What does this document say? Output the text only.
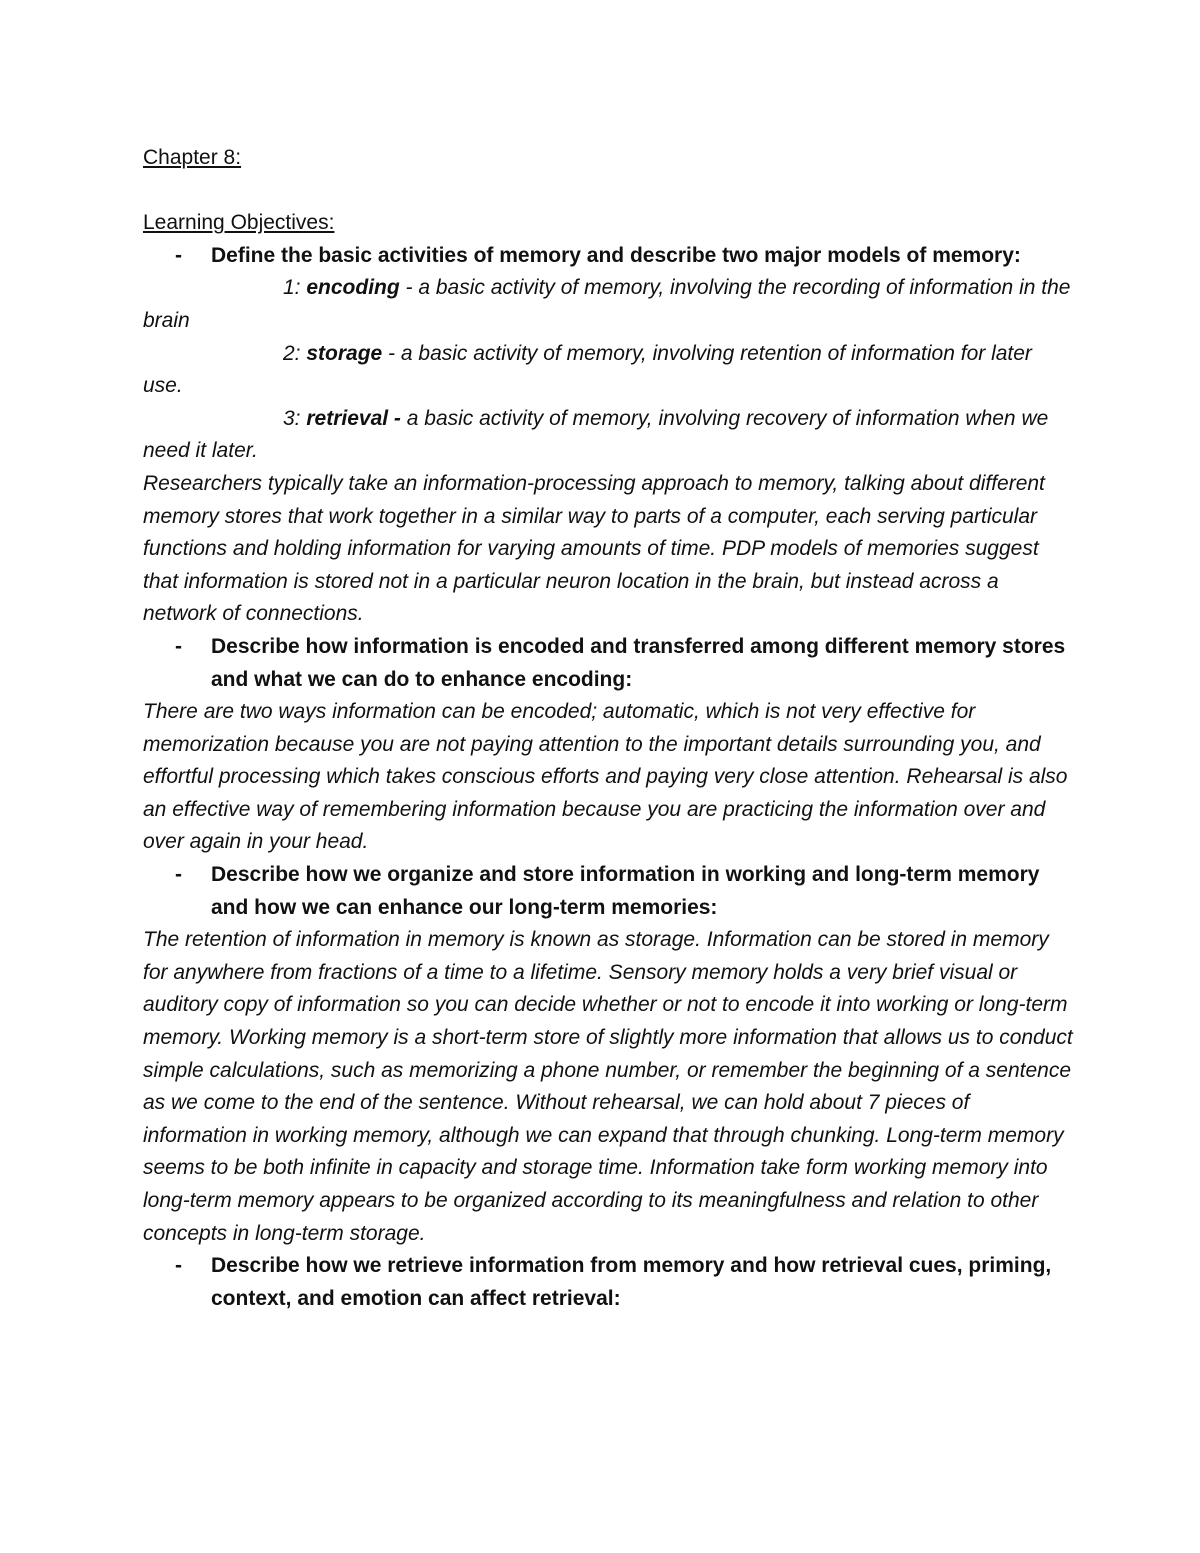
Chapter 8:

Learning Objectives:

- Define the basic activities of memory and describe two major models of memory:

1: encoding - a basic activity of memory, involving the recording of information in the brain

2: storage - a basic activity of memory, involving retention of information for later use.

3: retrieval - a basic activity of memory, involving recovery of information when we need it later.

Researchers typically take an information-processing approach to memory, talking about different memory stores that work together in a similar way to parts of a computer, each serving particular functions and holding information for varying amounts of time. PDP models of memories suggest that information is stored not in a particular neuron location in the brain, but instead across a network of connections.

- Describe how information is encoded and transferred among different memory stores and what we can do to enhance encoding:

There are two ways information can be encoded; automatic, which is not very effective for memorization because you are not paying attention to the important details surrounding you, and effortful processing which takes conscious efforts and paying very close attention. Rehearsal is also an effective way of remembering information because you are practicing the information over and over again in your head.

- Describe how we organize and store information in working and long-term memory and how we can enhance our long-term memories:

The retention of information in memory is known as storage. Information can be stored in memory for anywhere from fractions of a time to a lifetime. Sensory memory holds a very brief visual or auditory copy of information so you can decide whether or not to encode it into working or long-term memory. Working memory is a short-term store of slightly more information that allows us to conduct simple calculations, such as memorizing a phone number, or remember the beginning of a sentence as we come to the end of the sentence. Without rehearsal, we can hold about 7 pieces of information in working memory, although we can expand that through chunking. Long-term memory seems to be both infinite in capacity and storage time. Information take form working memory into long-term memory appears to be organized according to its meaningfulness and relation to other concepts in long-term storage.

- Describe how we retrieve information from memory and how retrieval cues, priming, context, and emotion can affect retrieval:
